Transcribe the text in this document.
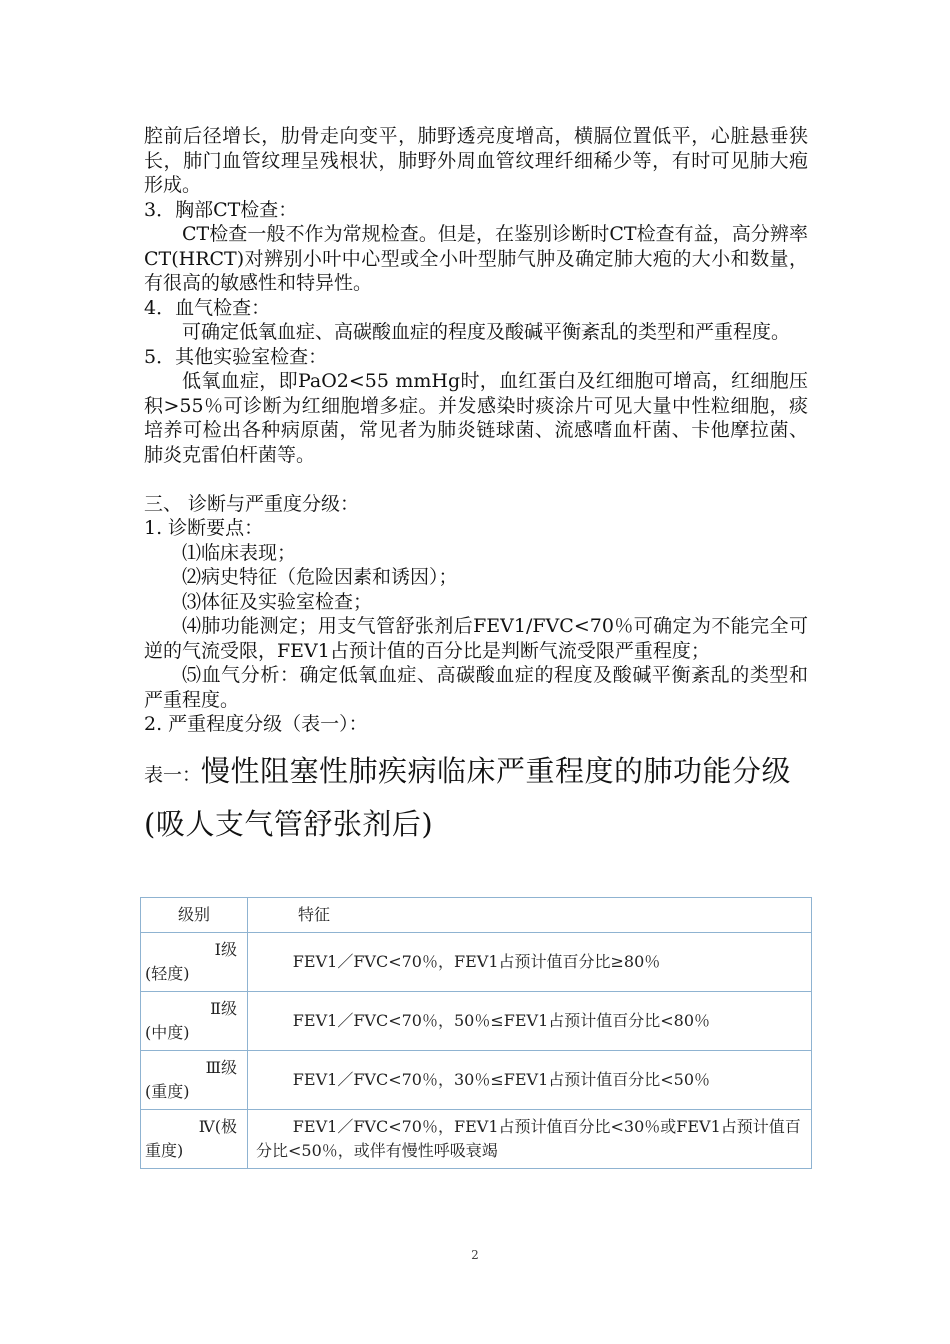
腔前后径增长，肋骨走向变平，肺野透亮度增高，横膈位置低平，心脏悬垂狭长，肺门血管纹理呈残根状，肺野外周血管纹理纤细稀少等，有时可见肺大疱形成。

3．胸部CT检查：

CT检查一般不作为常规检查。但是，在鉴别诊断时CT检查有益，高分辨率CT(HRCT)对辨别小叶中心型或全小叶型肺气肿及确定肺大疱的大小和数量，有很高的敏感性和特异性。

4．血气检查：

可确定低氧血症、高碳酸血症的程度及酸碱平衡紊乱的类型和严重程度。

5．其他实验室检查：

低氧血症，即PaO2<55 mmHg时，血红蛋白及红细胞可增高，红细胞压积>55％可诊断为红细胞增多症。并发感染时痰涂片可见大量中性粒细胞，痰培养可检出各种病原菌，常见者为肺炎链球菌、流感嗜血杆菌、卡他摩拉菌、肺炎克雷伯杆菌等。

三、 诊断与严重度分级：

1. 诊断要点：

⑴临床表现；

⑵病史特征（危险因素和诱因）；

⑶体征及实验室检查；

⑷肺功能测定；用支气管舒张剂后FEV1/FVC<70％可确定为不能完全可逆的气流受限，FEV1占预计值的百分比是判断气流受限严重程度；

⑸血气分析：确定低氧血症、高碳酸血症的程度及酸碱平衡紊乱的类型和严重程度。

2. 严重程度分级（表一）：

表一：慢性阻塞性肺疾病临床严重程度的肺功能分级(吸人支气管舒张剂后)
级别	特征

Ⅰ级
(轻度)	FEV1／FVC<70％，FEV1占预计值百分比≥80％

Ⅱ级
(中度)	FEV1／FVC<70％，50％≤FEV1占预计值百分比<80％

Ⅲ级
(重度)	FEV1／FVC<70％，30％≤FEV1占预计值百分比<50％

Ⅳ(极
重度)	FEV1／FVC<70％，FEV1占预计值百分比<30％或FEV1占预计值百分比<50％，或伴有慢性呼吸衰竭
2
